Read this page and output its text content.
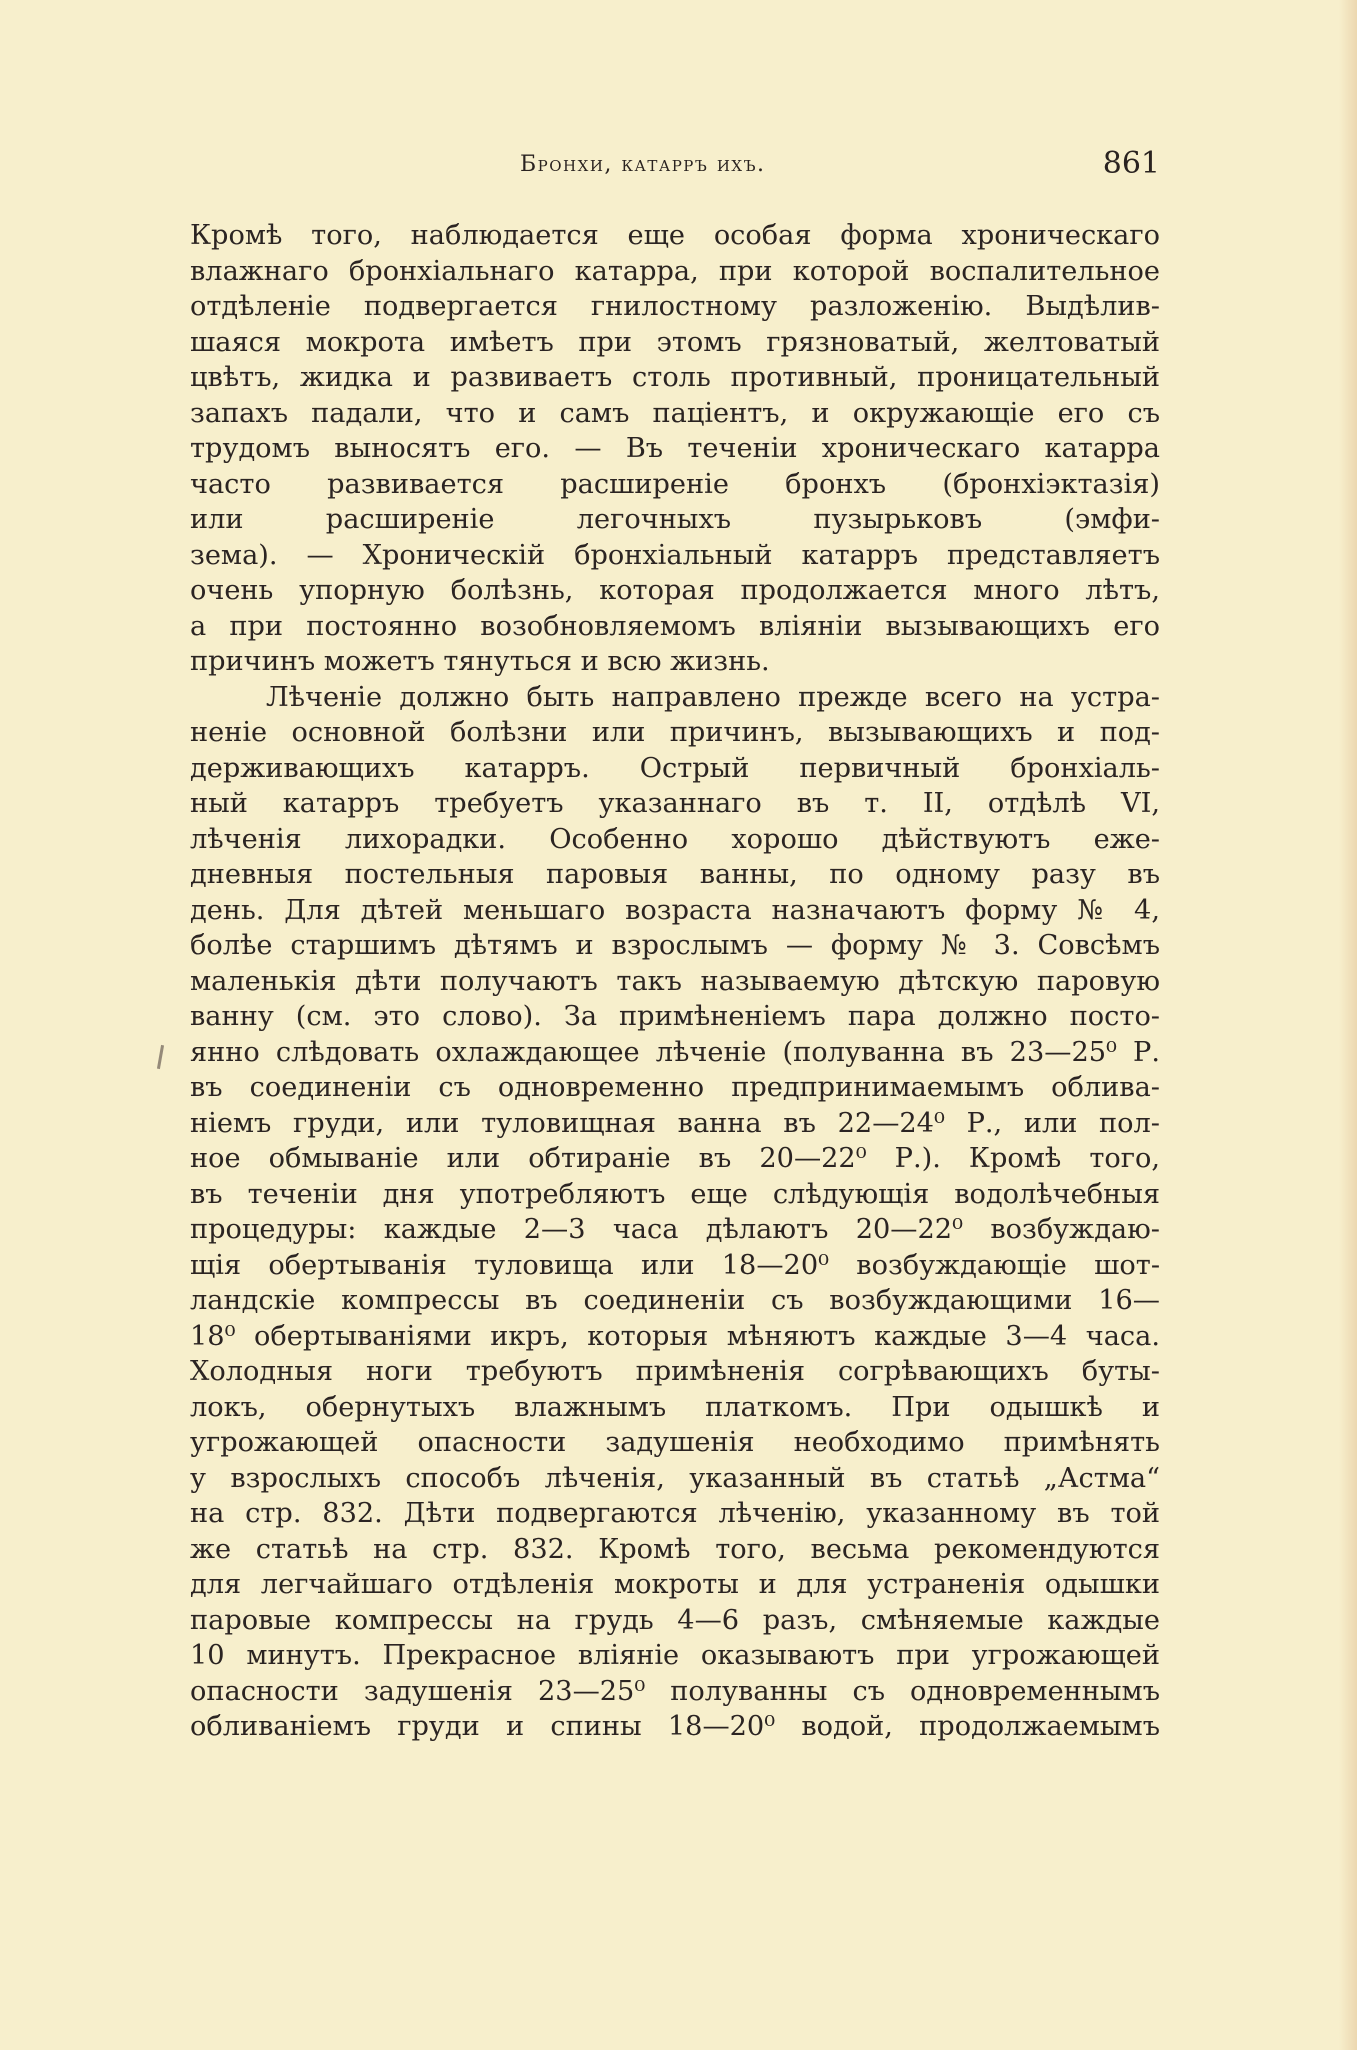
Бронхи, катарръ ихъ.	861
Кромѣ того, наблюдается еще особая форма хроническаго
влажнаго бронхіальнаго катарра, при которой воспалительное
отдѣленіе подвергается гнилостному разложенію. Выдѣлив-
шаяся мокрота имѣетъ при этомъ грязноватый, желтоватый
цвѣтъ, жидка и развиваетъ столь противный, проницательный
запахъ падали, что и самъ паціентъ, и окружающіе его съ
трудомъ выносятъ его. — Въ теченіи хроническаго катарра
часто развивается расширеніе бронхъ (бронхіэктазія)
или расширеніе легочныхъ пузырьковъ (эмфи-
зема). — Хроническій бронхіальный катарръ представляетъ
очень упорную болѣзнь, которая продолжается много лѣтъ,
а при постоянно возобновляемомъ вліяніи вызывающихъ его
причинъ можетъ тянуться и всю жизнь.
Лѣченіе должно быть направлено прежде всего на устра-
неніе основной болѣзни или причинъ, вызывающихъ и под-
держивающихъ катарръ. Острый первичный бронхіаль-
ный катарръ требуетъ указаннаго въ т. II, отдѣлѣ VI,
лѣченія лихорадки. Особенно хорошо дѣйствуютъ еже-
дневныя постельныя паровыя ванны, по одному разу въ
день. Для дѣтей меньшаго возраста назначаютъ форму № 4,
болѣе старшимъ дѣтямъ и взрослымъ — форму № 3. Совсѣмъ
маленькія дѣти получаютъ такъ называемую дѣтскую паровую
ванну (см. это слово). За примѣненіемъ пара должно посто-
янно слѣдовать охлаждающее лѣченіе (полуванна въ 23—25⁰ Р.
въ соединеніи съ одновременно предпринимаемымъ облива-
ніемъ груди, или туловищная ванна въ 22—24⁰ Р., или пол-
ное обмываніе или обтираніе въ 20—22⁰ Р.). Кромѣ того,
въ теченіи дня употребляютъ еще слѣдующія водолѣчебныя
процедуры: каждые 2—3 часа дѣлаютъ 20—22⁰ возбуждаю-
щія обертыванія туловища или 18—20⁰ возбуждающіе шот-
ландскіе компрессы въ соединеніи съ возбуждающими 16—
18⁰ обертываніями икръ, которыя мѣняютъ каждые 3—4 часа.
Холодныя ноги требуютъ примѣненія согрѣвающихъ буты-
локъ, обернутыхъ влажнымъ платкомъ. При одышкѣ и
угрожающей опасности задушенія необходимо примѣнять
у взрослыхъ способъ лѣченія, указанный въ статьѣ „Астма“
на стр. 832. Дѣти подвергаются лѣченію, указанному въ той
же статьѣ на стр. 832. Кромѣ того, весьма рекомендуются
для легчайшаго отдѣленія мокроты и для устраненія одышки
паровые компрессы на грудь 4—6 разъ, смѣняемые каждые
10 минутъ. Прекрасное вліяніе оказываютъ при угрожающей
опасности задушенія 23—25⁰ полуванны съ одновременнымъ
обливаніемъ груди и спины 18—20⁰ водой, продолжаемымъ
